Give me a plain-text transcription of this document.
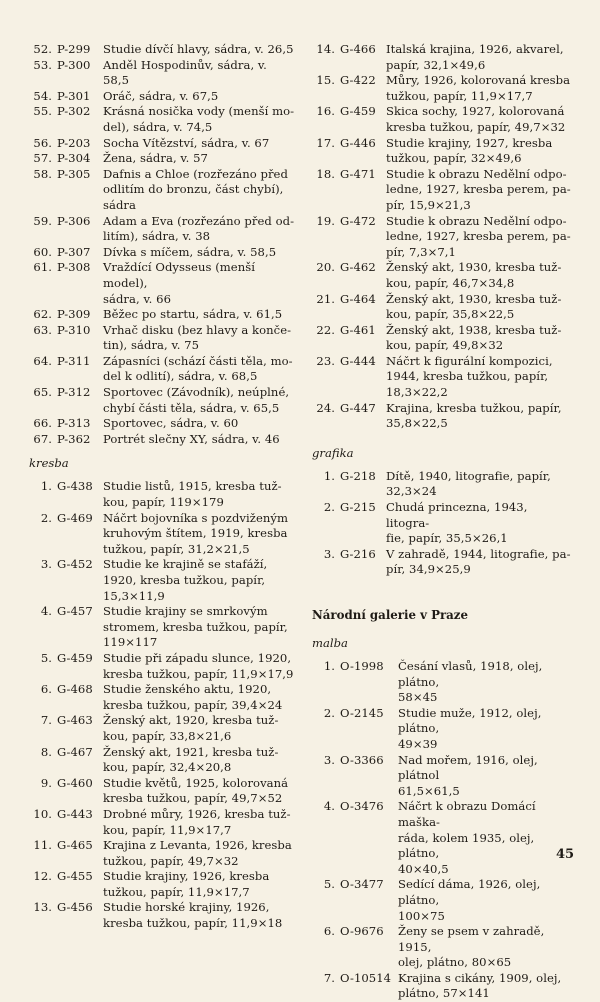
52. P-299	Studie dívčí hlavy, sádra, v. 26,5
53. P-300	Anděl Hospodinův, sádra, v. 58,5
54. P-301	Oráč, sádra, v. 67,5
55. P-302	Krásná nosička vody (menší mo-
del), sádra, v. 74,5
56. P-203	Socha Vítězství, sádra, v. 67
57. P-304	Žena, sádra, v. 57
58. P-305	Dafnis a Chloe (rozřezáno před
odlitím do bronzu, část chybí),
sádra
59. P-306	Adam a Eva (rozřezáno před od-
litím), sádra, v. 38
60. P-307	Dívka s míčem, sádra, v. 58,5
61. P-308	Vraždící Odysseus (menší model),
sádra, v. 66
62. P-309	Běžec po startu, sádra, v. 61,5
63. P-310	Vrhač disku (bez hlavy a konče-
tin), sádra, v. 75
64. P-311	Zápasníci (schází části těla, mo-
del k odlití), sádra, v. 68,5
65. P-312	Sportovec (Závodník), neúplné,
chybí části těla, sádra, v. 65,5
66. P-313	Sportovec, sádra, v. 60
67. P-362	Portrét slečny XY, sádra, v. 46
kresba
1. G-438 Studie listů, 1915, kresba tuž-
kou, papír, 119×179
2. G-469 Náčrt bojovníka s pozdviženým
kruhovým štítem, 1919, kresba
tužkou, papír, 31,2×21,5
3. G-452 Studie ke krajině se stafáží,
1920, kresba tužkou, papír,
15,3×11,9
4. G-457 Studie krajiny se smrkovým
stromem, kresba tužkou, papír,
119×117
5. G-459 Studie při západu slunce, 1920,
kresba tužkou, papír, 11,9×17,9
6. G-468 Studie ženského aktu, 1920,
kresba tužkou, papír, 39,4×24
7. G-463 Ženský akt, 1920, kresba tuž-
kou, papír, 33,8×21,6
8. G-467 Ženský akt, 1921, kresba tuž-
kou, papír, 32,4×20,8
9. G-460 Studie květů, 1925, kolorovaná
kresba tužkou, papír, 49,7×52
10. G-443 Drobné můry, 1926, kresba tuž-
kou, papír, 11,9×17,7
11. G-465 Krajina z Levanta, 1926, kresba
tužkou, papír, 49,7×32
12. G-455 Studie krajiny, 1926, kresba
tužkou, papír, 11,9×17,7
13. G-456 Studie horské krajiny, 1926,
kresba tužkou, papír, 11,9×18
14. G-466 Italská krajina, 1926, akvarel,
papír, 32,1×49,6
15. G-422 Můry, 1926, kolorovaná kresba
tužkou, papír, 11,9×17,7
16. G-459 Skica sochy, 1927, kolorovaná
kresba tužkou, papír, 49,7×32
17. G-446 Studie krajiny, 1927, kresba
tužkou, papír, 32×49,6
18. G-471 Studie k obrazu Nedělní odpo-
ledne, 1927, kresba perem, pa-
pír, 15,9×21,3
19. G-472 Studie k obrazu Nedělní odpo-
ledne, 1927, kresba perem, pa-
pír, 7,3×7,1
20. G-462 Ženský akt, 1930, kresba tuž-
kou, papír, 46,7×34,8
21. G-464 Ženský akt, 1930, kresba tuž-
kou, papír, 35,8×22,5
22. G-461 Ženský akt, 1938, kresba tuž-
kou, papír, 49,8×32
23. G-444 Náčrt k figurální kompozici,
1944, kresba tužkou, papír,
18,3×22,2
24. G-447 Krajina, kresba tužkou, papír,
35,8×22,5
grafika
1. G-218 Dítě, 1940, litografie, papír,
32,3×24
2. G-215 Chudá princezna, 1943, litogra-
fie, papír, 35,5×26,1
3. G-216 V zahradě, 1944, litografie, pa-
pír, 34,9×25,9
Národní galerie v Praze
malba
1. O-1998	Česání vlasů, 1918, olej, plátno,
58×45
2. O-2145	Studie muže, 1912, olej, plátno,
49×39
3. O-3366	Nad mořem, 1916, olej, plátnol
61,5×61,5
4. O-3476	Náčrt k obrazu Domácí maška-
ráda, kolem 1935, olej, plátno,
40×40,5
5. O-3477	Sedící dáma, 1926, olej, plátno,
100×75
6. O-9676	Ženy se psem v zahradě, 1915,
olej, plátno, 80×65
7. O-10514 Krajina s cikány, 1909, olej,
plátno, 57×141
45
